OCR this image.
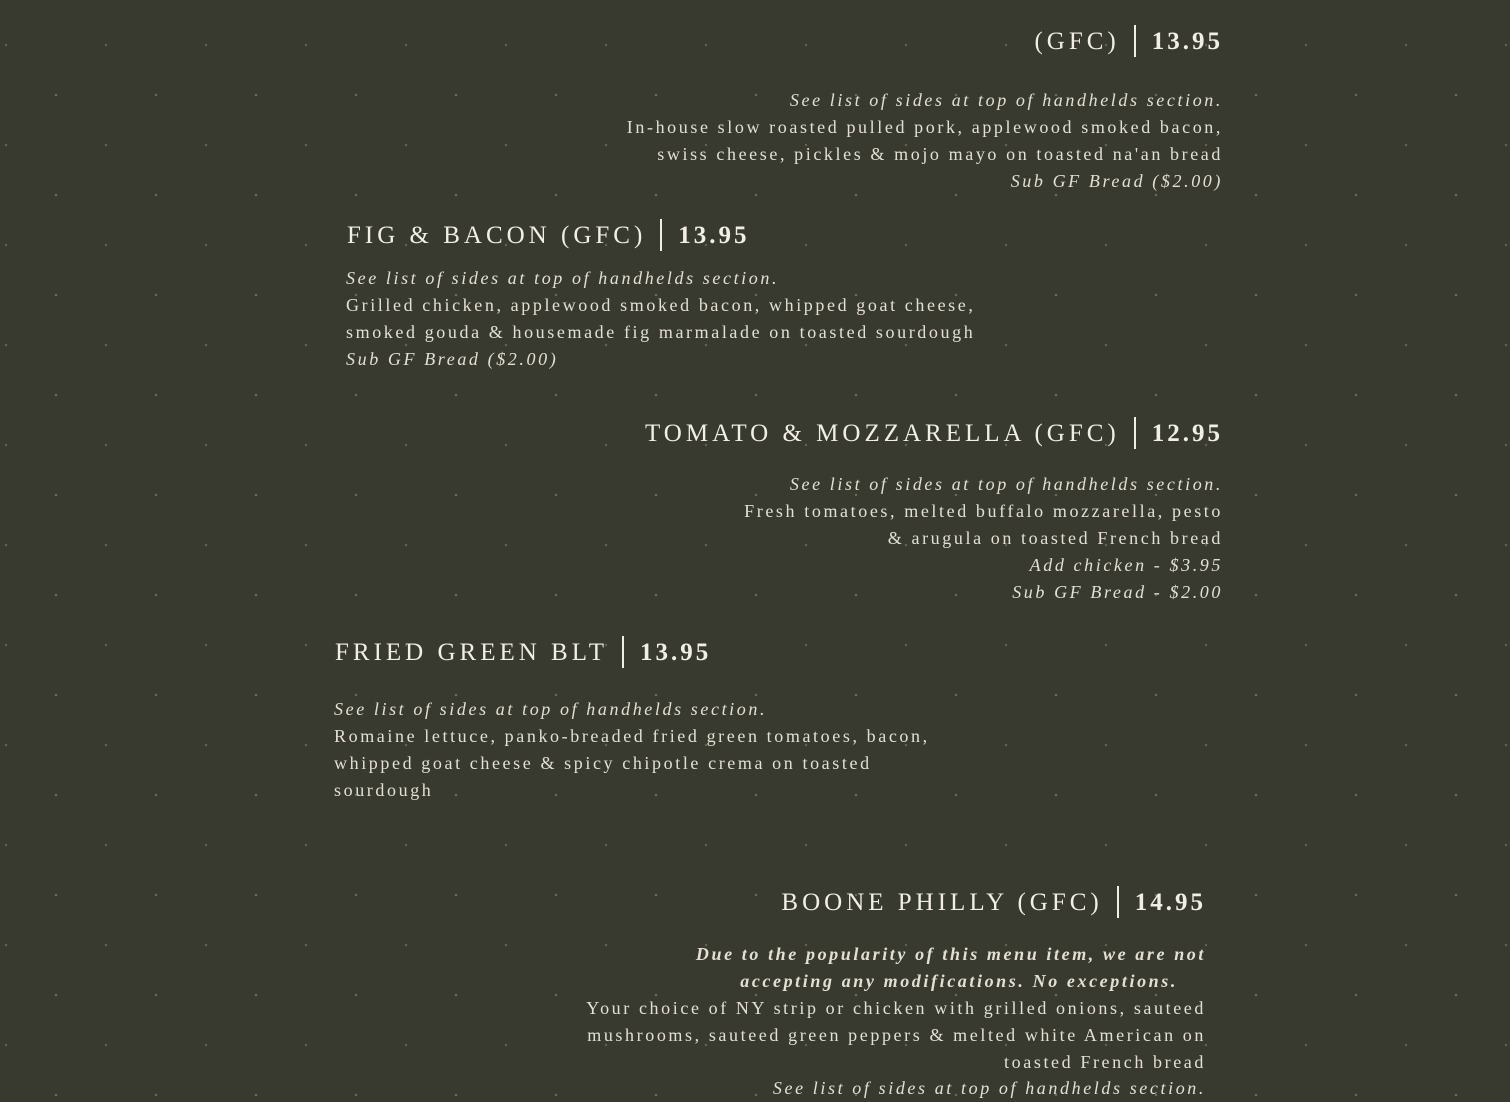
(GFC) 13.95
See list of sides at top of handhelds section.
In-house slow roasted pulled pork, applewood smoked bacon,
swiss cheese, pickles & mojo mayo on toasted na'an bread
Sub GF Bread ($2.00)
FIG & BACON (GFC) 13.95
See list of sides at top of handhelds section.
Grilled chicken, applewood smoked bacon, whipped goat cheese,
smoked gouda & housemade fig marmalade on toasted sourdough
Sub GF Bread ($2.00)
TOMATO & MOZZARELLA (GFC) 12.95
See list of sides at top of handhelds section.
Fresh tomatoes, melted buffalo mozzarella, pesto
& arugula on toasted French bread
Add chicken - $3.95
Sub GF Bread - $2.00
FRIED GREEN BLT 13.95
See list of sides at top of handhelds section.
Romaine lettuce, panko-breaded fried green tomatoes, bacon,
whipped goat cheese & spicy chipotle crema on toasted
sourdough
BOONE PHILLY (GFC) 14.95
Due to the popularity of this menu item, we are not
accepting any modifications. No exceptions.
Your choice of NY strip or chicken with grilled onions, sauteed
mushrooms, sauteed green peppers & melted white American on
toasted French bread
See list of sides at top of handhelds section.
